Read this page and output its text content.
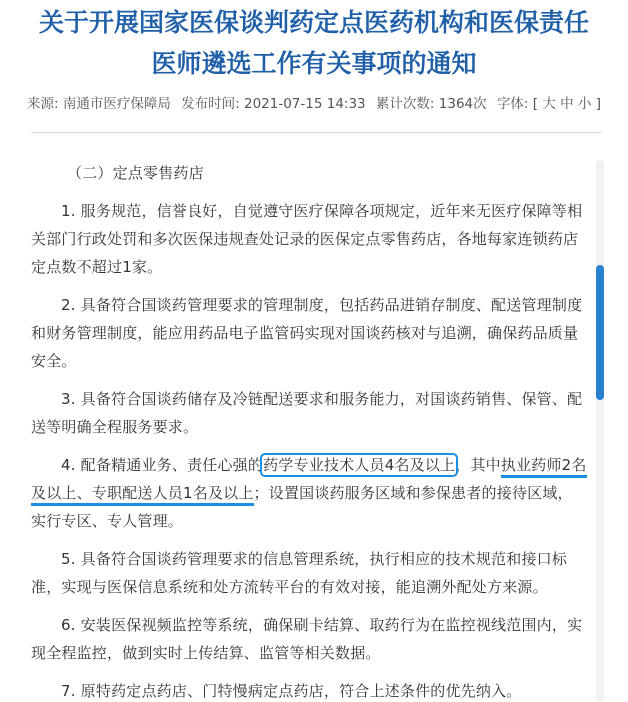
关于开展国家医保谈判药定点医药机构和医保责任
医师遴选工作有关事项的通知
来源: 南通市医疗保障局 发布时间: 2021-07-15 14:33 累计次数: 1364次 字体: [ 大 中 小 ]

（二）定点零售药店

1. 服务规范，信誉良好，自觉遵守医疗保障各项规定，近年来无医疗保障等相关部门行政处罚和多次医保违规查处记录的医保定点零售药店，各地每家连锁药店定点数不超过1家。

2. 具备符合国谈药管理要求的管理制度，包括药品进销存制度、配送管理制度和财务管理制度，能应用药品电子监管码实现对国谈药核对与追溯，确保药品质量安全。

3. 具备符合国谈药储存及冷链配送要求和服务能力，对国谈药销售、保管、配送等明确全程服务要求。

4. 配备精通业务、责任心强的药学专业技术人员4名及以上，其中执业药师2名及以上、专职配送人员1名及以上；设置国谈药服务区域和参保患者的接待区域，实行专区、专人管理。

5. 具备符合国谈药管理要求的信息管理系统，执行相应的技术规范和接口标准，实现与医保信息系统和处方流转平台的有效对接，能追溯外配处方来源。

6. 安装医保视频监控等系统，确保刷卡结算、取药行为在监控视线范围内，实现全程监控，做到实时上传结算、监管等相关数据。

7. 原特药定点药店、门特慢病定点药店，符合上述条件的优先纳入。
